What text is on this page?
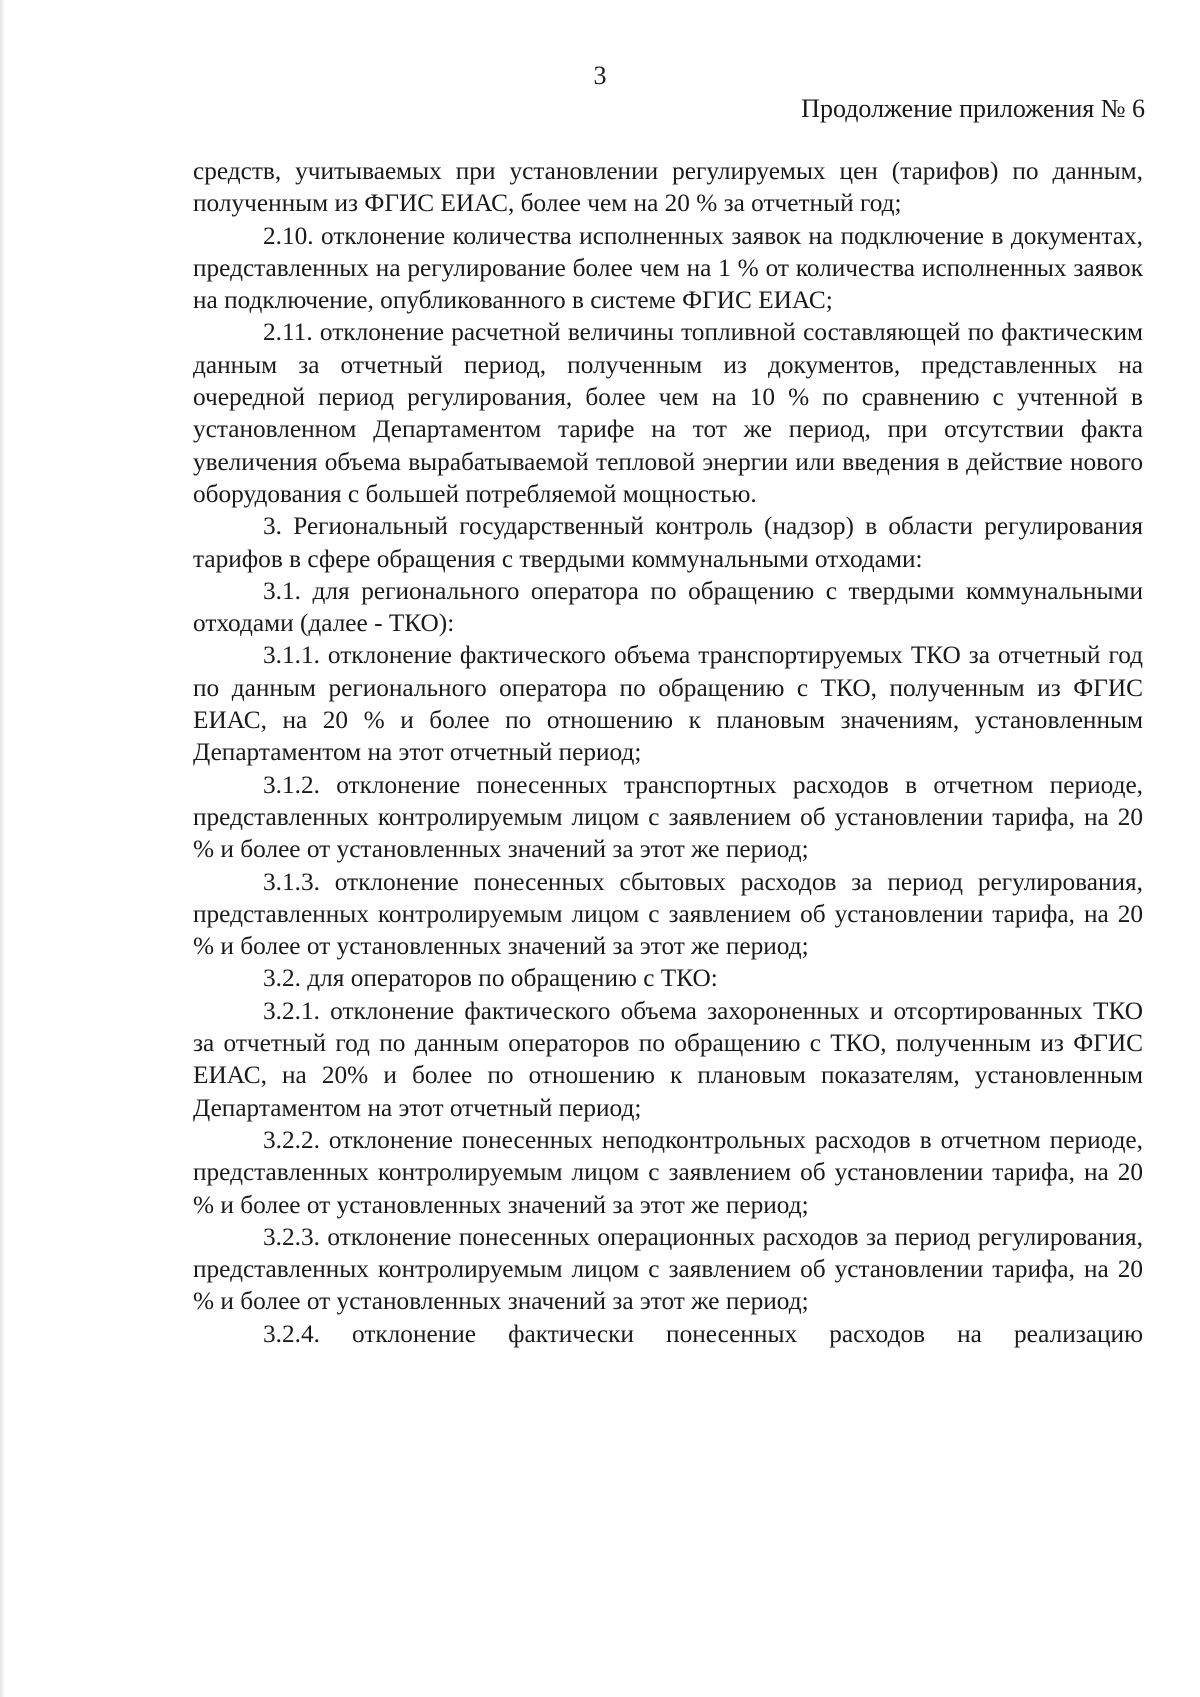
3
Продолжение приложения № 6

средств, учитываемых при установлении регулируемых цен (тарифов) по данным, полученным из ФГИС ЕИАС, более чем на 20 % за отчетный год;

2.10. отклонение количества исполненных заявок на подключение в документах, представленных на регулирование более чем на 1 % от количества исполненных заявок на подключение, опубликованного в системе ФГИС ЕИАС;

2.11. отклонение расчетной величины топливной составляющей по фактическим данным за отчетный период, полученным из документов, представленных на очередной период регулирования, более чем на 10 % по сравнению с учтенной в установленном Департаментом тарифе на тот же период, при отсутствии факта увеличения объема вырабатываемой тепловой энергии или введения в действие нового оборудования с большей потребляемой мощностью.

3. Региональный государственный контроль (надзор) в области регулирования тарифов в сфере обращения с твердыми коммунальными отходами:

3.1. для регионального оператора по обращению с твердыми коммунальными отходами (далее - ТКО):

3.1.1. отклонение фактического объема транспортируемых ТКО за отчетный год по данным регионального оператора по обращению с ТКО, полученным из ФГИС ЕИАС, на 20 % и более по отношению к плановым значениям, установленным Департаментом на этот отчетный период;

3.1.2. отклонение понесенных транспортных расходов в отчетном периоде, представленных контролируемым лицом с заявлением об установлении тарифа, на 20 % и более от установленных значений за этот же период;

3.1.3. отклонение понесенных сбытовых расходов за период регулирования, представленных контролируемым лицом с заявлением об установлении тарифа, на 20 % и более от установленных значений за этот же период;

3.2. для операторов по обращению с ТКО:

3.2.1. отклонение фактического объема захороненных и отсортированных ТКО за отчетный год по данным операторов по обращению с ТКО, полученным из ФГИС ЕИАС, на 20% и более по отношению к плановым показателям, установленным Департаментом на этот отчетный период;

3.2.2. отклонение понесенных неподконтрольных расходов в отчетном периоде, представленных контролируемым лицом с заявлением об установлении тарифа, на 20 % и более от установленных значений за этот же период;

3.2.3. отклонение понесенных операционных расходов за период регулирования, представленных контролируемым лицом с заявлением об установлении тарифа, на 20 % и более от установленных значений за этот же период;

3.2.4. отклонение фактически понесенных расходов на реализацию
